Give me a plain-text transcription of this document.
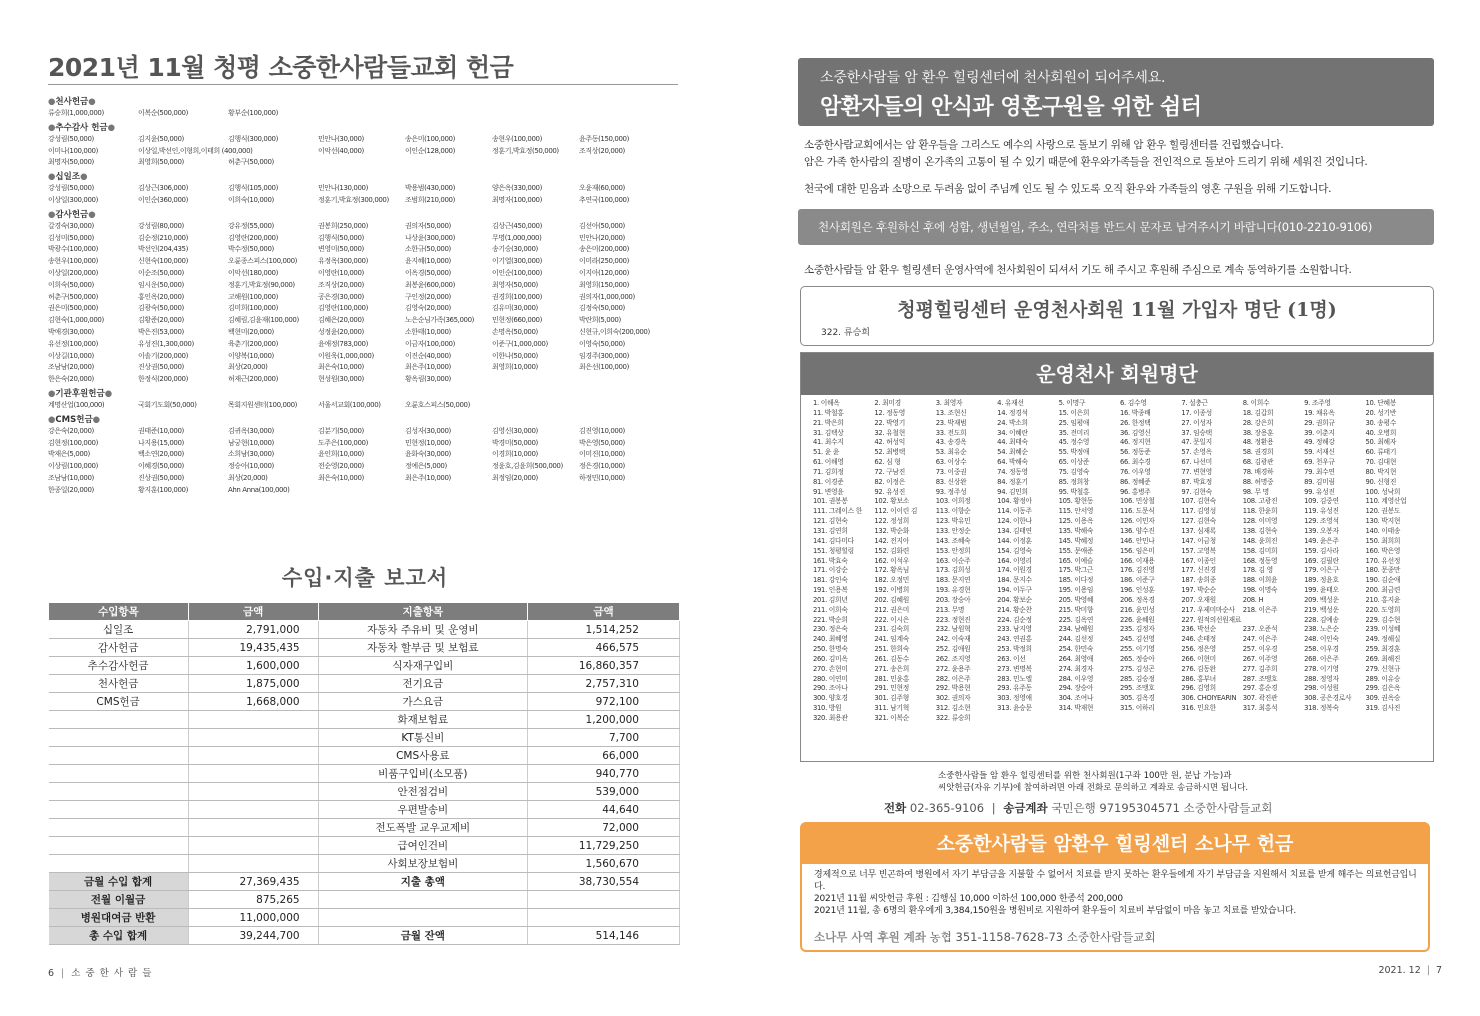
2021년 11월 청평 소중한사람들교회 헌금
●천사헌금●
류승희(1,000,000)	이복순(500,000)	황부순(100,000)
●추수감사 헌금●
강성림(50,000)	김지윤(50,000)	김행식(300,000)	민안나(30,000)	송은미(100,000)	송현우(100,000)	윤주동(150,000)
이미나(100,000)	이상일,박선인,이형희,이태희 (400,000)	이악선(40,000)	이인순(128,000)	정훈기,박효정(50,000)	조직상(20,000)
최명자(50,000)	최영희(50,000)	허춘구(50,000)
●십일조●
강성림(50,000)	김상근(306,000)	김행식(105,000)	민안나(130,000)	박용범(430,000)	양은옥(330,000)	오윤재(60,000)
이상일(300,000)	이인순(360,000)	이희숙(10,000)	정훈기,박효정(300,000)	조범희(210,000)	최명자(100,000)	추연국(100,000)
●감사헌금●
갈경숙(30,000)	강성림(80,000)	강유정(55,000)	권봉희(250,000)	권의자(50,000)	김상근(450,000)	김선아(50,000)
김성미(50,000)	김순정(210,000)	김영란(200,000)	김행식(50,000)	나상윤(300,000)	무명(1,000,000)	민안나(20,000)
박광수(100,000)	박선인(204,435)	박수정(50,000)	변영미(50,000)	소한규(50,000)	송기승(30,000)	송은미(200,000)
송현우(100,000)	신현숙(100,000)	오륜종스피스(100,000)	유정옥(300,000)	윤지혜(10,000)	이기열(300,000)	이미라(250,000)
이상일(200,000)	이순조(50,000)	이악선(180,000)	이영란(10,000)	이옥경(50,000)	이인순(100,000)	이지아(120,000)
이희숙(50,000)	임시운(50,000)	정훈기,박효정(90,000)	조직상(20,000)	최봉윤(600,000)	최영자(50,000)	최영희(150,000)
허춘구(500,000)	홍인옥(20,000)	고해원(100,000)	공은경(30,000)	구인정(20,000)	권경희(100,000)	권의자(1,000,000)
권은미(500,000)	김광숙(50,000)	김미희(100,000)	김영란(100,000)	김영숙(20,000)	김유미(30,000)	김정숙(50,000)
김현숙(1,000,000)	김황준(20,000)	김혜림,김윤재(100,000)	김혜은(20,000)	노은순님가족(365,000)	민현정(660,000)	박란희(5,000)
박애경(30,000)	박은진(53,000)	백현미(20,000)	성정윤(20,000)	소한태(10,000)	손명옥(50,000)	신현규,이희숙(200,000)
유선정(100,000)	유성진(1,300,000)	육춘기(200,000)	윤애정(783,000)	이금자(100,000)	이준구(1,000,000)	이영숙(50,000)
이상길(10,000)	이솔기(200,000)	이양복(10,000)	이원욱(1,000,000)	이진순(40,000)	이한나(50,000)	임경주(300,000)
조남남(20,000)	진상권(50,000)	최상(20,000)	최은숙(10,000)	최은주(10,000)	최영희(10,000)	최은선(100,000)
한은숙(20,000)	한정식(200,000)	허재근(200,000)	현성원(30,000)	황옥림(30,000)
●기관후원헌금●
계명산업(100,000)	국회기도회(50,000)	목회지원센터(100,000)	서울서교회(100,000)	오륜호스피스(50,000)
●CMS헌금●
강은숙(20,000)	권태준(10,000)	김귀옥(30,000)	김분기(50,000)	김성자(30,000)	김영신(30,000)	김진영(10,000)
김현정(100,000)	나지용(15,000)	남궁현(10,000)	도주은(100,000)	민현정(10,000)	박경미(50,000)	박은영(50,000)
박재은(5,000)	백소연(20,000)	소희남(30,000)	윤인희(10,000)	윤화숙(30,000)	이경희(10,000)	이미진(10,000)
이상림(100,000)	이혜경(50,000)	정승아(10,000)	전순영(20,000)	정예은(5,000)	정윤호,김윤희(500,000)	정은경(10,000)
조남남(10,000)	진상권(50,000)	최상(20,000)	최은숙(10,000)	최은주(10,000)	최정임(20,000)	하정민(10,000)
한종일(20,000)	황지훈(100,000)	Ahn Anna(100,000)
수입·지출 보고서
수입항목	금액	지출항목	금액
십일조	2,791,000	자동차 주유비 및 운영비	1,514,252
감사헌금	19,435,435	자동차 할부금 및 보험료	466,575
추수감사헌금	1,600,000	식자재구입비	16,860,357
천사헌금	1,875,000	전기요금	2,757,310
CMS헌금	1,668,000	가스요금	972,100
		화재보험료	1,200,000
		KT통신비	7,700
		CMS사용료	66,000
		비품구입비(소모품)	940,770
		안전점검비	539,000
		우편발송비	44,640
		전도폭발 교우교제비	72,000
		급여인건비	11,729,250
		사회보장보험비	1,560,670
금월 수입 합계	27,369,435	지출 총액	38,730,554
전월 이월금	875,265		
병원대여금 반환	11,000,000		
총 수입 합계	39,244,700	금월 잔액	514,146
6 | 소 중 한 사 람 들
소중한사람들 암 환우 힐링센터에 천사회원이 되어주세요.
암환자들의 안식과 영혼구원을 위한 쉼터

소중한사람교회에서는 암 환우들을 그리스도 예수의 사랑으로 돌보기 위해 암 환우 힐링센터를 건립했습니다.

암은 가족 한사람의 질병이 온가족의 고통이 될 수 있기 때문에 환우와가족들을 전인적으로 돌보아 드리기 위해 세워진 것입니다.

천국에 대한 믿음과 소망으로 두려움 없이 주님께 인도 될 수 있도록 오직 환우와 가족들의 영혼 구원을 위해 기도합니다.

천사회원은 후원하신 후에 성함, 생년월일, 주소, 연락처를 반드시 문자로 남겨주시기 바랍니다(010-2210-9106)
소중한사람들 암 환우 힐링센터 운영사역에 천사회원이 되셔서 기도 해 주시고 후원해 주심으로 계속 동역하기를 소원합니다.
청평힐링센터 운영천사회원 11월 가입자 명단 (1명)
322. 류승희
운영천사 회원명단
1. 이해옥	2. 최미경	3. 최영자	4. 유재선	5. 이명구	6. 김수영	7. 설충근	8. 이희수	9. 조주영	10. 단혜봉
11. 박철홍	12. 정동영	13. 조현신	14. 정경석	15. 이은희	16. 박종배	17. 이종성	18. 김갑희	19. 채유옥	20. 성기반
21. 박은희	22. 박영기	23. 박재범	24. 박소희	25. 임평애	26. 한정택	27. 이성자	28. 강은희	29. 권희규	30. 송평수
31. 김택상	32. 유철현	33. 전도희	34. 이혜란	35. 전미리	36. 김영신	37. 임승택	38. 장용훈	39. 이춘지	40. 오병희
41. 최수지	42. 허성익	43. 송경옥	44. 최태숙	45. 정수영	46. 정지현	47. 문일지	48. 정환용	49. 정해강	50. 최해자
51. 윤 윤	52. 최병택	53. 최유순	54. 최혜순	55. 박정애	56. 정동준	57. 손영옥	58. 권경희	59. 서재신	60. 류태기
61. 이해영	62. 심 형	63. 이상수	64. 박해숙	65. 이상준	66. 최수경	67. 나선미	68. 김광관	69. 천우규	70. 김대현
71. 김희정	72. 구남진	73. 이중권	74. 정동영	75. 김영숙	76. 이우영	77. 변현영	78. 배경하	79. 최수연	80. 박지현
81. 이경준	82. 이정은	83. 신상완	84. 정훈기	85. 정희창	86. 정혜준	87. 박효정	88. 허명중	89. 김미림	90. 신형진
91. 변영윤	92. 유성진	93. 정주성	94. 김민희	95. 박철홍	96. 홍병주	97. 김현숙	98. 무 명	99. 유성진	100. 성낙희
101. 권봉봉	102. 황보소	103. 이희정	104. 황정아	105. 황현동	106. 민상철	107. 김현숙	108. 고광진	109. 김중연	110. 계영산업
111. 그레이스 한	112. 이이린 김	113. 이향순	114. 이동주	115. 안서영	116. 도문식	117. 김영성	118. 한윤희	119. 유성진	120. 권봉도
121. 김현숙	122. 정성희	123. 박유민	124. 이한나	125. 이용옥	126. 이민자	127. 김현숙	128. 이미영	129. 조영석	130. 박지현
131. 김연희	132. 박순화	133. 안정순	134. 김태연	135. 박해숙	136. 양수진	137. 심재록	138. 김현숙	139. 오봉자	140. 이태송
141. 김다미다	142. 전지아	143. 조혜숙	144. 이정훈	145. 박혜정	146. 안민나	147. 이금청	148. 윤희진	149. 윤은주	150. 최희희
151. 청평힐링	152. 김화련	153. 안정희	154. 김영숙	155. 문애준	156. 임은미	157. 고영복	158. 김미희	159. 김사라	160. 박은영
161. 박효숙	162. 이석우	163. 이순주	164. 이영리	165. 이예슬	166. 이재용	167. 이종인	168. 정동영	169. 김필란	170. 유선정
171. 이강순	172. 황옥님	173. 김희성	174. 이원경	175. 박그근	176. 김진영	177. 신진경	178. 김 영	179. 이은구	180. 문종만
181. 강인숙	182. 오정민	183. 문지연	184. 문지수	185. 이다정	186. 이준구	187. 송희종	188. 이희윤	189. 정윤호	190. 김순애
191. 인용복	192. 이병희	193. 유경현	194. 이두구	195. 이용임	196. 인성훈	197. 박순순	198. 이명숙	199. 윤태오	200. 최금련
201. 김희년	202. 김혜원	203. 장승아	204. 황보순	205. 박영혜	206. 정옥경	207. 오재원	208. H	209. 백성운	210. 홍지윤
211. 이희숙	212. 권은미	213. 무명	214. 황순찬	215. 박미향	216. 윤민성	217. 우제미마순사	218. 이은주	219. 백성운	220. 도영희
221. 박순희	222. 이시은	223. 정현진	224. 김순정	225. 김옥연	226. 윤혜원	227. 원적의선원재료	228. 김예송	229. 김수현
230. 정은숙	231. 김숙희	232. 남원혁	233. 남지영	234. 남혜원	235. 김정자	236. 박선순	237. 오준석	238. 노은순	239. 이성혜
240. 최혜영	241. 임계숙	242. 이숙재	243. 연권홍	244. 김선정	245. 김선영	246. 손태정	247. 이은주	248. 이인숙	249. 정해실
250. 한명숙	251. 한희숙	252. 김애원	253. 박정희	254. 한민숙	255. 이기영	256. 정은영	257. 이우경	258. 이우경	259. 최경훈
260. 김미옥	261. 김동수	262. 조지영	263. 이선	264. 최영애	265. 정승아	266. 이현미	267. 이주영	268. 이은주	269. 최해진
270. 손현미	271. 송은희	272. 윤용주	273. 변명복	274. 최경자	275. 김성곤	276. 김동완	277. 김주희	278. 이기영	279. 신현규
280. 이연미	281. 민윤홍	282. 이은주	283. 민노엘	284. 이우영	285. 김승정	286. 홍부녀	287. 조맹호	288. 정영자	289. 이유승
290. 조아나	291. 민현정	292. 박용현	293. 유주동	294. 장승아	295. 조맹호	296. 김영희	297. 홍순경	298. 이성원	299. 김은옥
300. 양호경	301. 김주형	302. 권의자	303. 정영애	304. 조여나	305. 김옥경	306. CHOIYEARIN 307. 곽진관	308. 공은경로사	309. 권옥승
310. 방원	311. 남기혁	312. 김소현	313. 윤승문	314. 박재현	315. 이하리	316. 민요한	317. 최홍석	318. 정복숙	319. 김사진
320. 최용관	321. 이복순	322. 류승희
소중한사람들 암 환우 힐링센터를 위한 천사회원(1구좌 100만 원, 분납 가능)과
씨앗헌금(자유 기부)에 참여하려면 아래 전화로 문의하고 계좌로 송금하시면 됩니다.
전화 02-365-9106 | 송금계좌 국민은행 97195304571 소중한사람들교회
소중한사람들 암환우 힐링센터 소나무 헌금
경제적으로 너무 빈곤하여 병원에서 자기 부담금을 지불할 수 없어서 치료를 받지 못하는 환우들에게 자기 부담금을 지원해서 치료를 받게 해주는 의료헌금입니다.
2021년 11월 씨앗헌금 후원 : 김행심 10,000 이하선 100,000 한종석 200,000
2021년 11월, 총 6명의 환우에게 3,384,150원을 병원비로 지원하여 환우들이 치료비 부담없이 마음 놓고 치료를 받았습니다.
소나무 사역 후원 계좌 농협 351-1158-7628-73 소중한사람들교회
2021. 12 | 7
